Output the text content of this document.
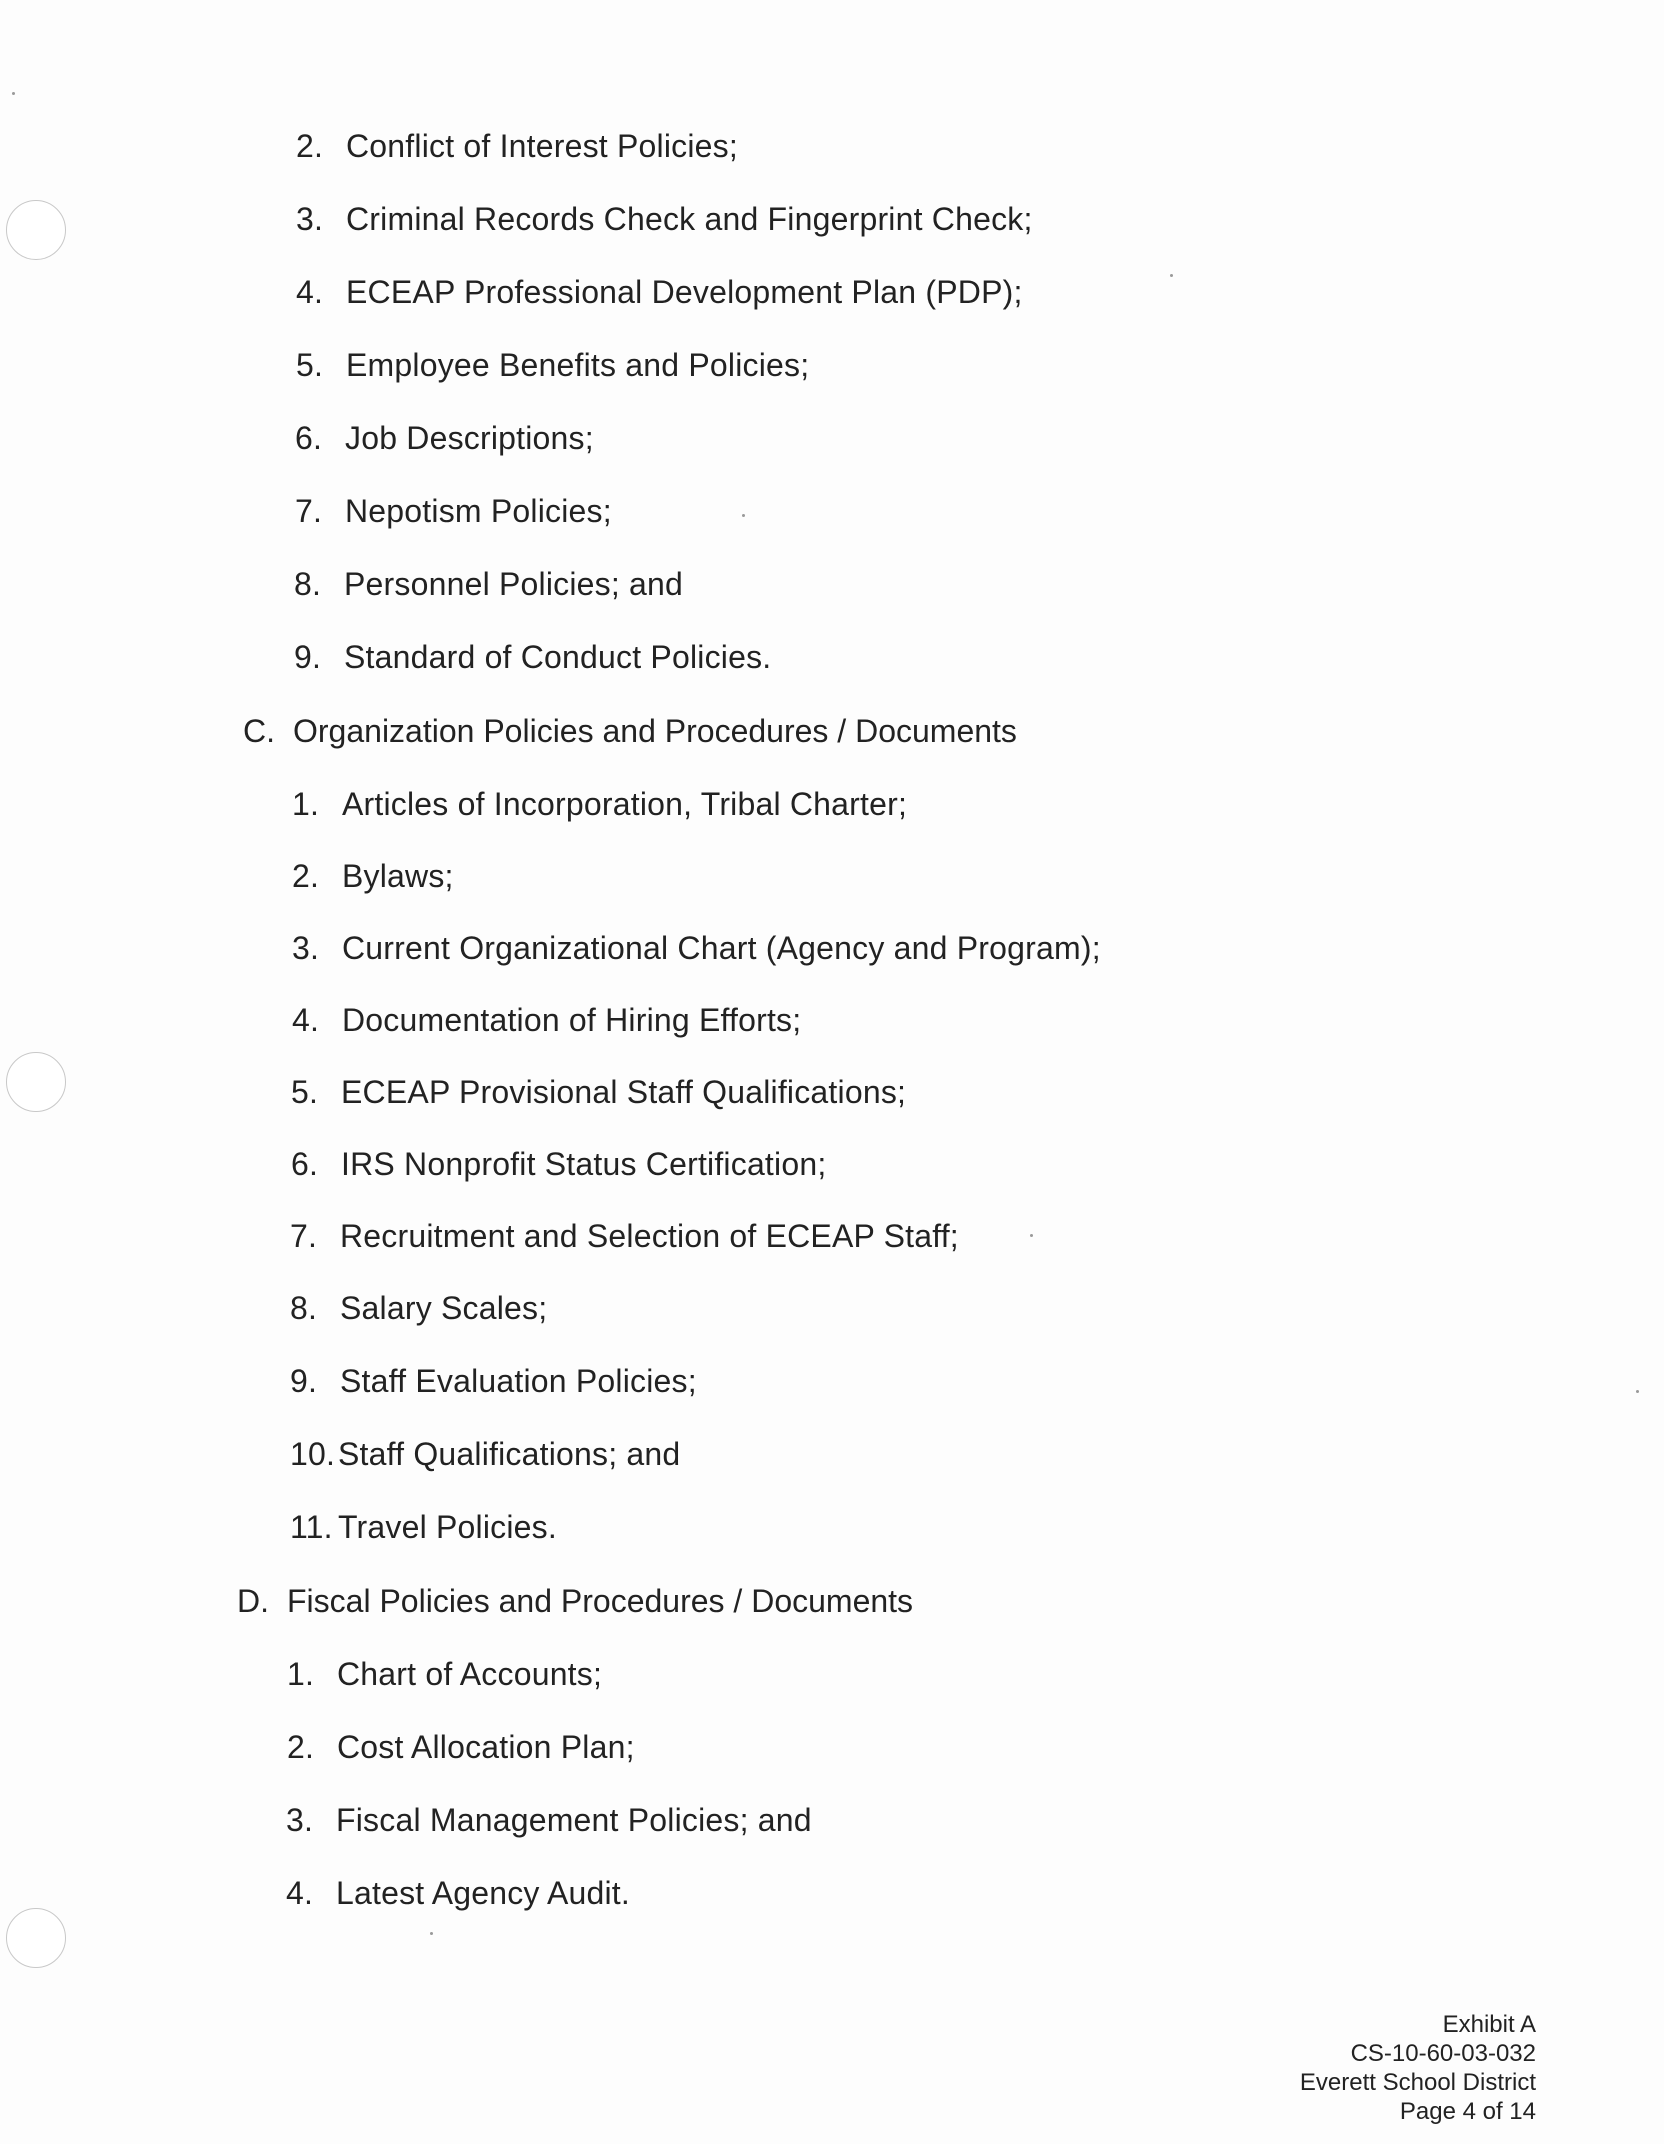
2. Conflict of Interest Policies;
3. Criminal Records Check and Fingerprint Check;
4. ECEAP Professional Development Plan (PDP);
5. Employee Benefits and Policies;
6. Job Descriptions;
7. Nepotism Policies;
8. Personnel Policies; and
9. Standard of Conduct Policies.
C. Organization Policies and Procedures / Documents
1. Articles of Incorporation, Tribal Charter;
2. Bylaws;
3. Current Organizational Chart (Agency and Program);
4. Documentation of Hiring Efforts;
5. ECEAP Provisional Staff Qualifications;
6. IRS Nonprofit Status Certification;
7. Recruitment and Selection of ECEAP Staff;
8. Salary Scales;
9. Staff Evaluation Policies;
10.Staff Qualifications; and
11. Travel Policies.
D. Fiscal Policies and Procedures / Documents
1. Chart of Accounts;
2. Cost Allocation Plan;
3. Fiscal Management Policies; and
4. Latest Agency Audit.
Exhibit A
CS-10-60-03-032
Everett School District
Page 4 of 14
